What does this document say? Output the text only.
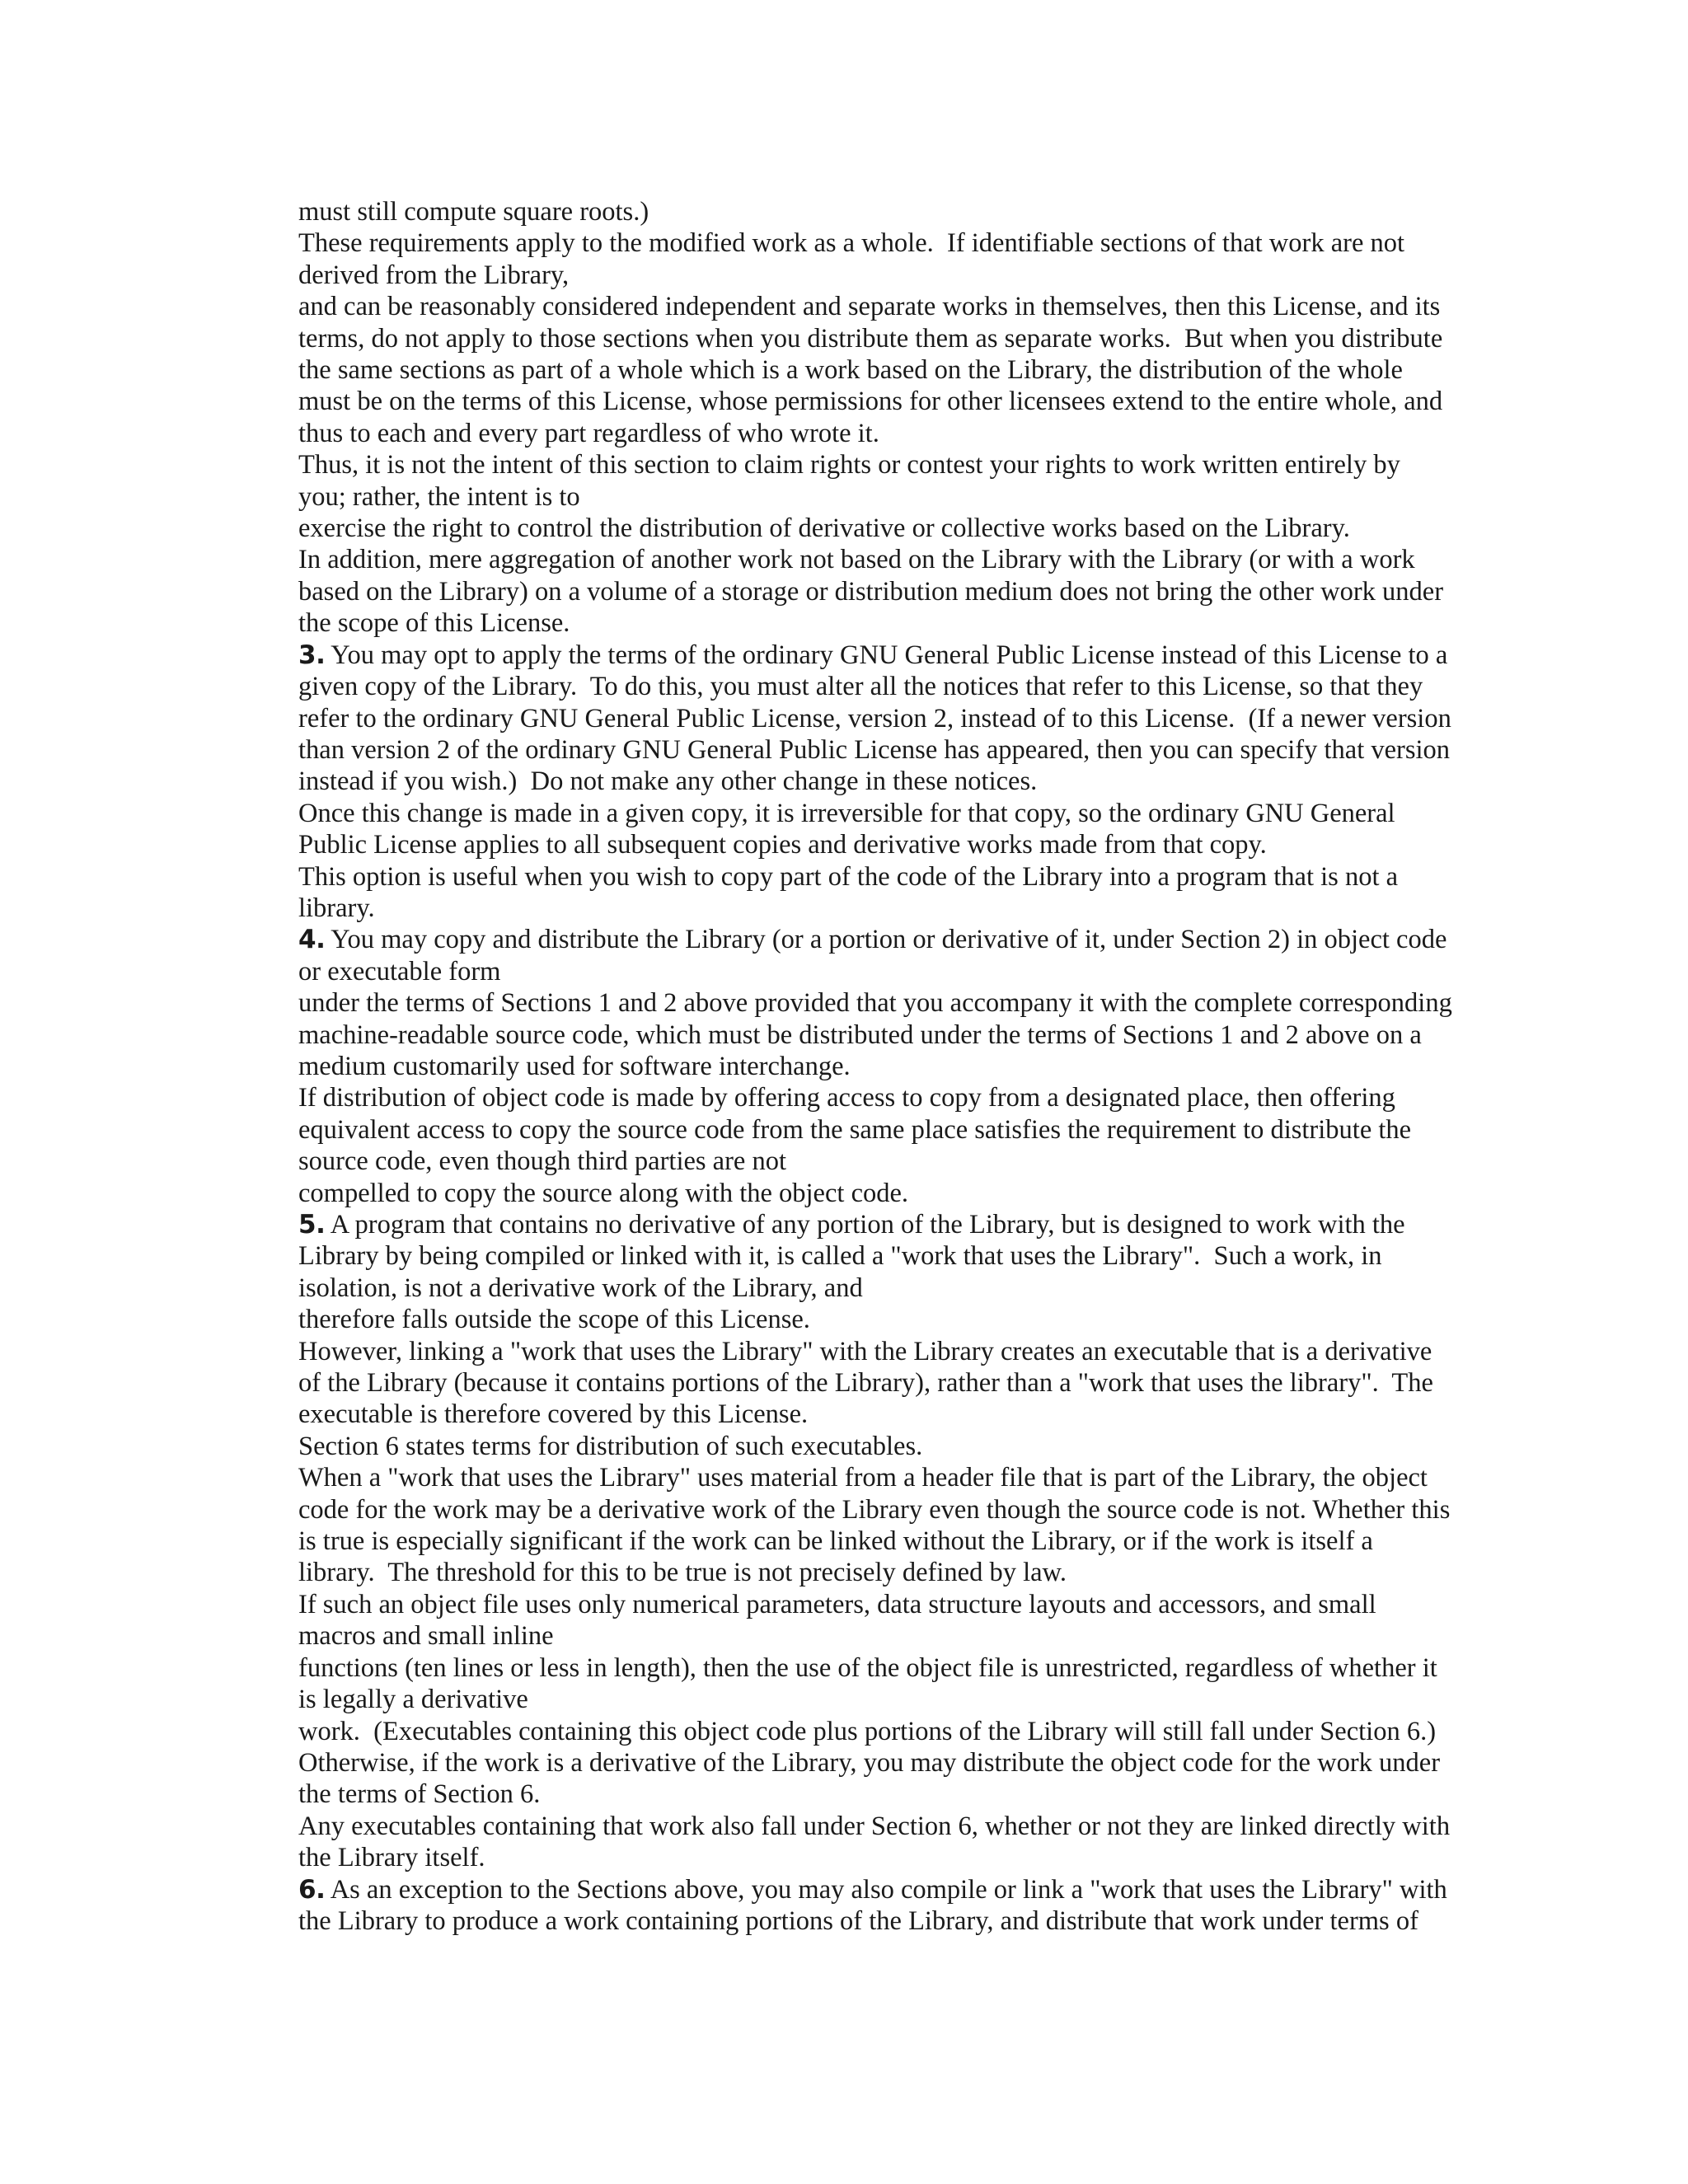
must still compute square roots.)
These requirements apply to the modified work as a whole.  If identifiable sections of that work are not
derived from the Library,
and can be reasonably considered independent and separate works in themselves, then this License, and its
terms, do not apply to those sections when you distribute them as separate works.  But when you distribute
the same sections as part of a whole which is a work based on the Library, the distribution of the whole
must be on the terms of this License, whose permissions for other licensees extend to the entire whole, and
thus to each and every part regardless of who wrote it.
Thus, it is not the intent of this section to claim rights or contest your rights to work written entirely by
you; rather, the intent is to
exercise the right to control the distribution of derivative or collective works based on the Library.
In addition, mere aggregation of another work not based on the Library with the Library (or with a work
based on the Library) on a volume of a storage or distribution medium does not bring the other work under
the scope of this License.
3. You may opt to apply the terms of the ordinary GNU General Public License instead of this License to a
given copy of the Library.  To do this, you must alter all the notices that refer to this License, so that they
refer to the ordinary GNU General Public License, version 2, instead of to this License.  (If a newer version
than version 2 of the ordinary GNU General Public License has appeared, then you can specify that version
instead if you wish.)  Do not make any other change in these notices.
Once this change is made in a given copy, it is irreversible for that copy, so the ordinary GNU General
Public License applies to all subsequent copies and derivative works made from that copy.
This option is useful when you wish to copy part of the code of the Library into a program that is not a
library.
4. You may copy and distribute the Library (or a portion or derivative of it, under Section 2) in object code
or executable form
under the terms of Sections 1 and 2 above provided that you accompany it with the complete corresponding
machine-readable source code, which must be distributed under the terms of Sections 1 and 2 above on a
medium customarily used for software interchange.
If distribution of object code is made by offering access to copy from a designated place, then offering
equivalent access to copy the source code from the same place satisfies the requirement to distribute the
source code, even though third parties are not
compelled to copy the source along with the object code.
5. A program that contains no derivative of any portion of the Library, but is designed to work with the
Library by being compiled or linked with it, is called a "work that uses the Library".  Such a work, in
isolation, is not a derivative work of the Library, and
therefore falls outside the scope of this License.
However, linking a "work that uses the Library" with the Library creates an executable that is a derivative
of the Library (because it contains portions of the Library), rather than a "work that uses the library".  The
executable is therefore covered by this License.
Section 6 states terms for distribution of such executables.
When a "work that uses the Library" uses material from a header file that is part of the Library, the object
code for the work may be a derivative work of the Library even though the source code is not. Whether this
is true is especially significant if the work can be linked without the Library, or if the work is itself a
library.  The threshold for this to be true is not precisely defined by law.
If such an object file uses only numerical parameters, data structure layouts and accessors, and small
macros and small inline
functions (ten lines or less in length), then the use of the object file is unrestricted, regardless of whether it
is legally a derivative
work.  (Executables containing this object code plus portions of the Library will still fall under Section 6.)
Otherwise, if the work is a derivative of the Library, you may distribute the object code for the work under
the terms of Section 6.
Any executables containing that work also fall under Section 6, whether or not they are linked directly with
the Library itself.
6. As an exception to the Sections above, you may also compile or link a "work that uses the Library" with
the Library to produce a work containing portions of the Library, and distribute that work under terms of
